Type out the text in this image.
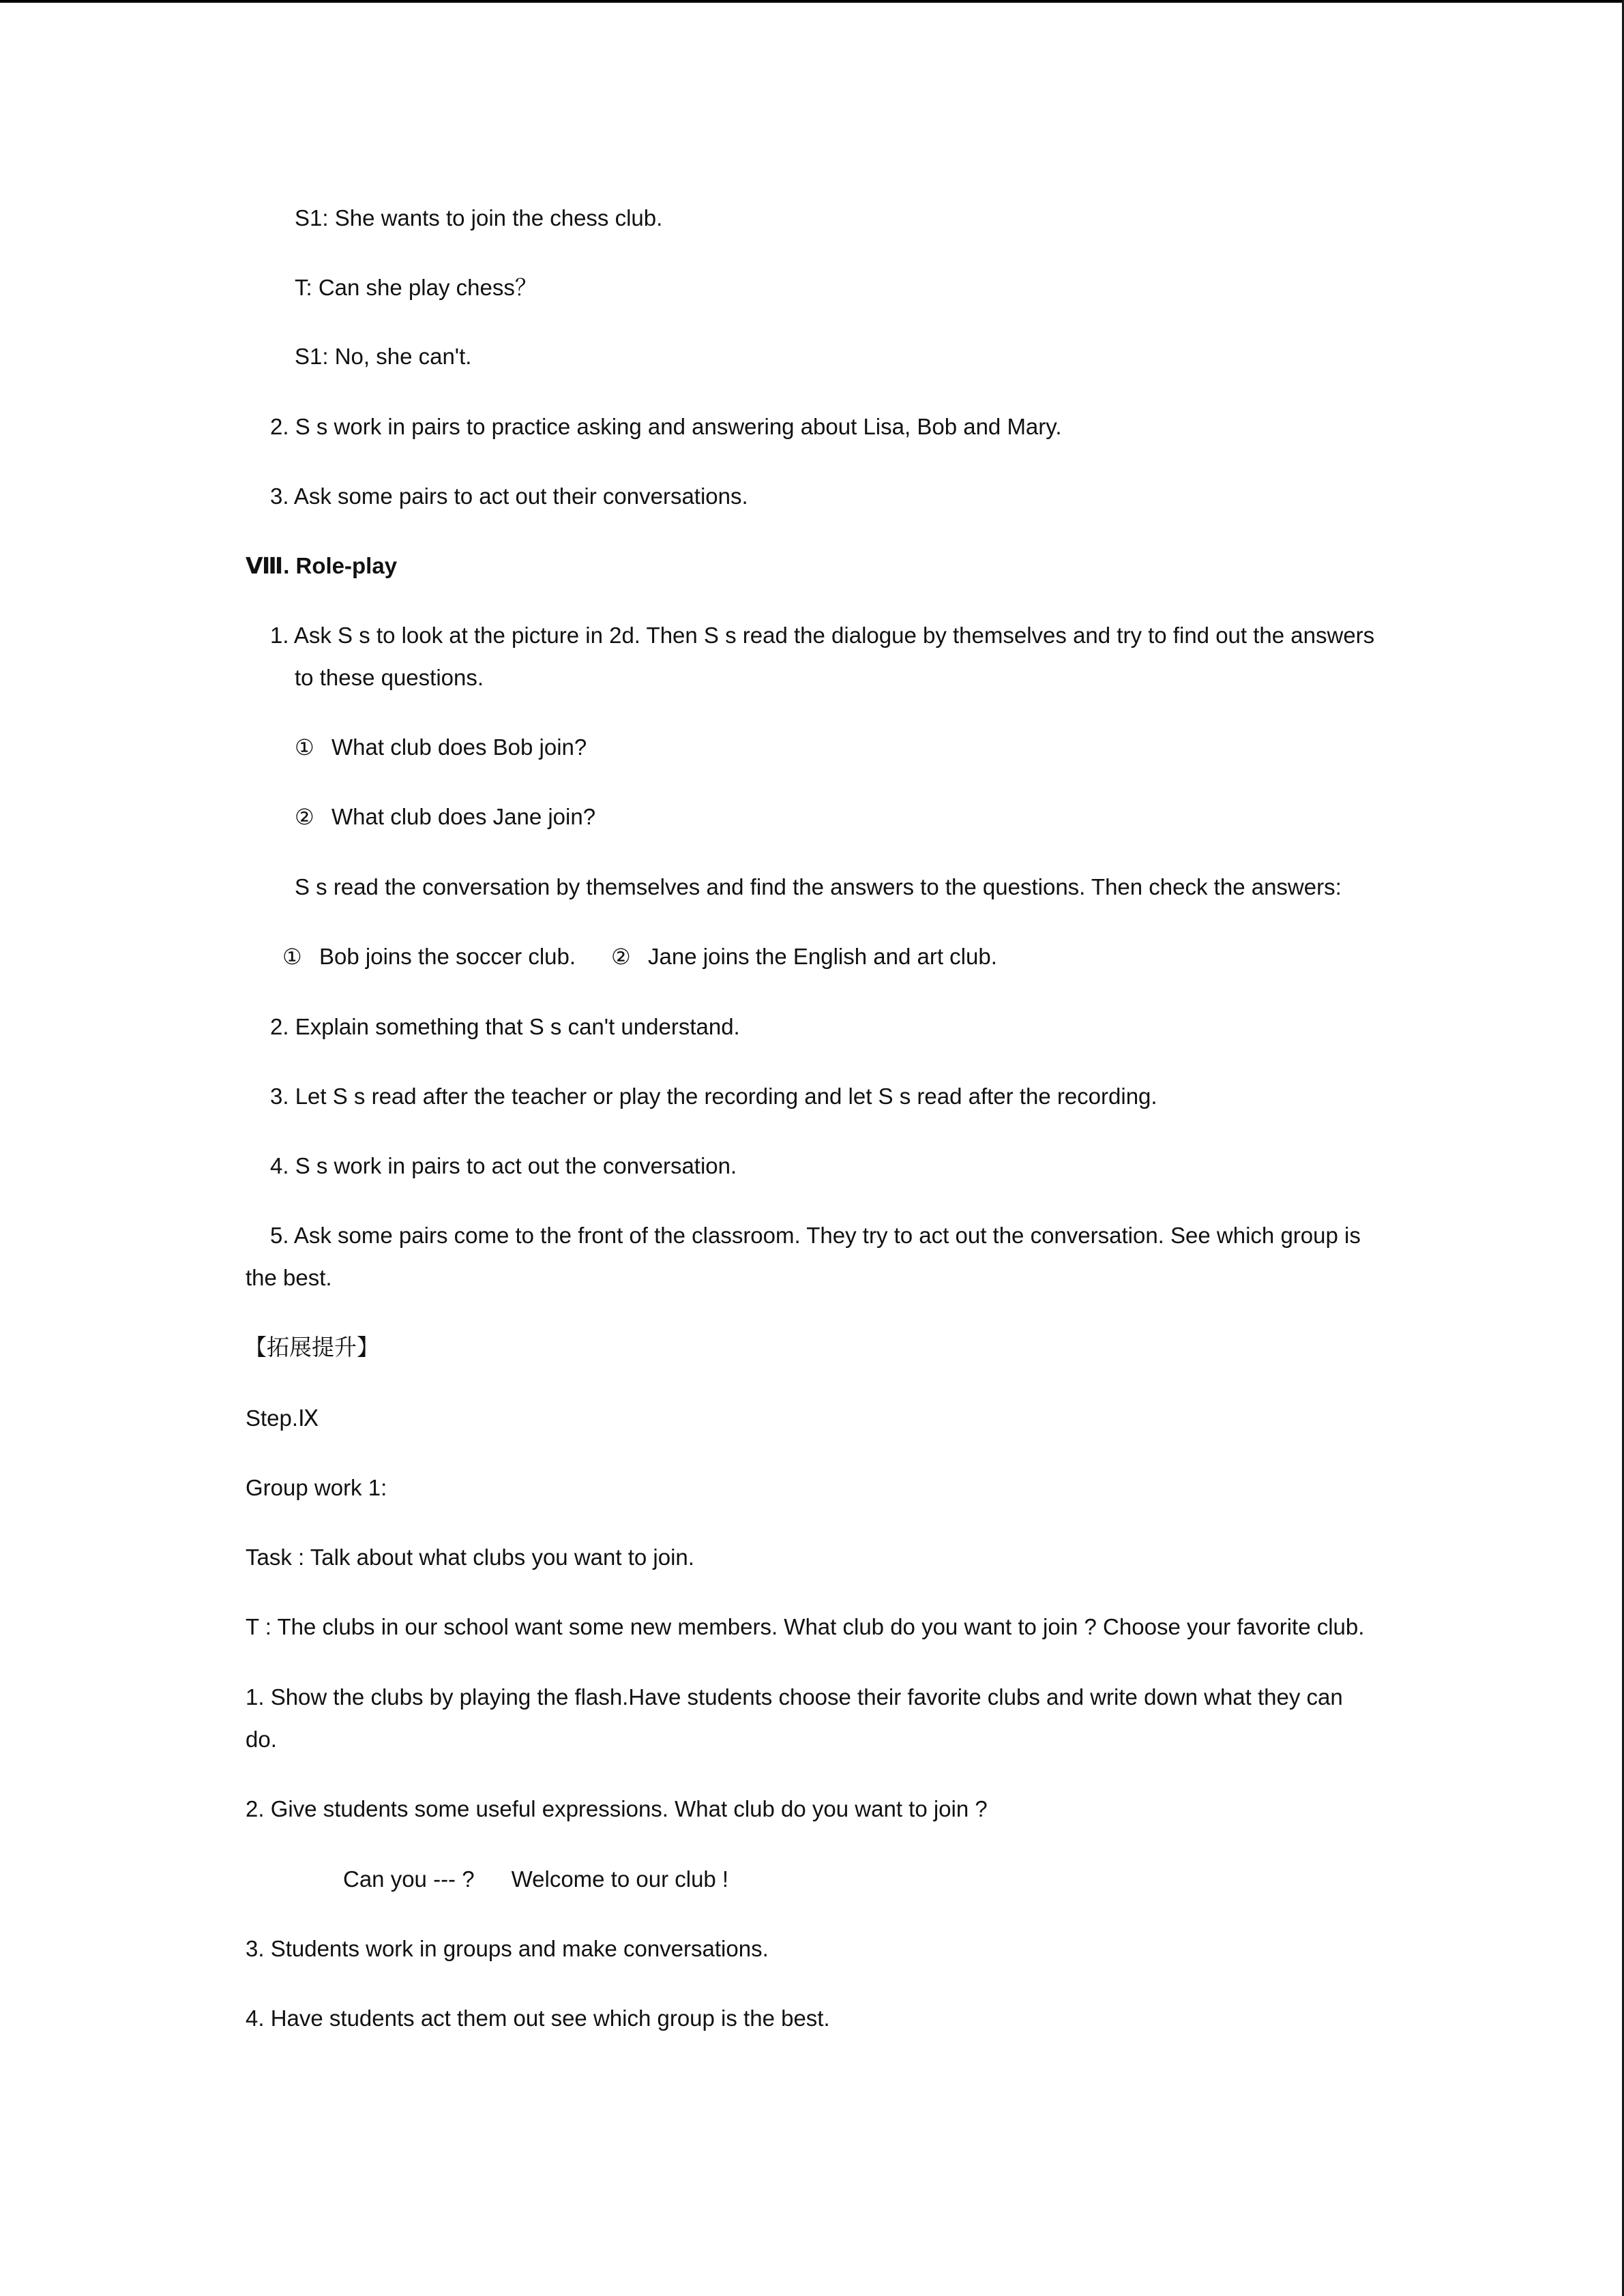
S1: She wants to join the chess club.
T: Can she play chess？
S1: No, she can't.
2. S s work in pairs to practice asking and answering about Lisa, Bob and Mary.
3. Ask some pairs to act out their conversations.
Ⅷ. Role-play
1. Ask S s to look at the picture in 2d. Then S s read the dialogue by themselves and try to find out the answers
to these questions.
① What club does Bob join?
② What club does Jane join?
S s read the conversation by themselves and find the answers to the questions. Then check the answers:
① Bob joins the soccer club. ② Jane joins the English and art club.
2. Explain something that S s can't understand.
3. Let S s read after the teacher or play the recording and let S s read after the recording.
4. S s work in pairs to act out the conversation.
5. Ask some pairs come to the front of the classroom. They try to act out the conversation. See which group is
the best.
【拓展提升】
Step.Ⅸ
Group work 1:
Task : Talk about what clubs you want to join.
T : The clubs in our school want some new members. What club do you want to join ? Choose your favorite club.
1. Show the clubs by playing the flash.Have students choose their favorite clubs and write down what they can
do.
2. Give students some useful expressions. What club do you want to join ?
Can you --- ? Welcome to our club !
3. Students work in groups and make conversations.
4. Have students act them out see which group is the best.
